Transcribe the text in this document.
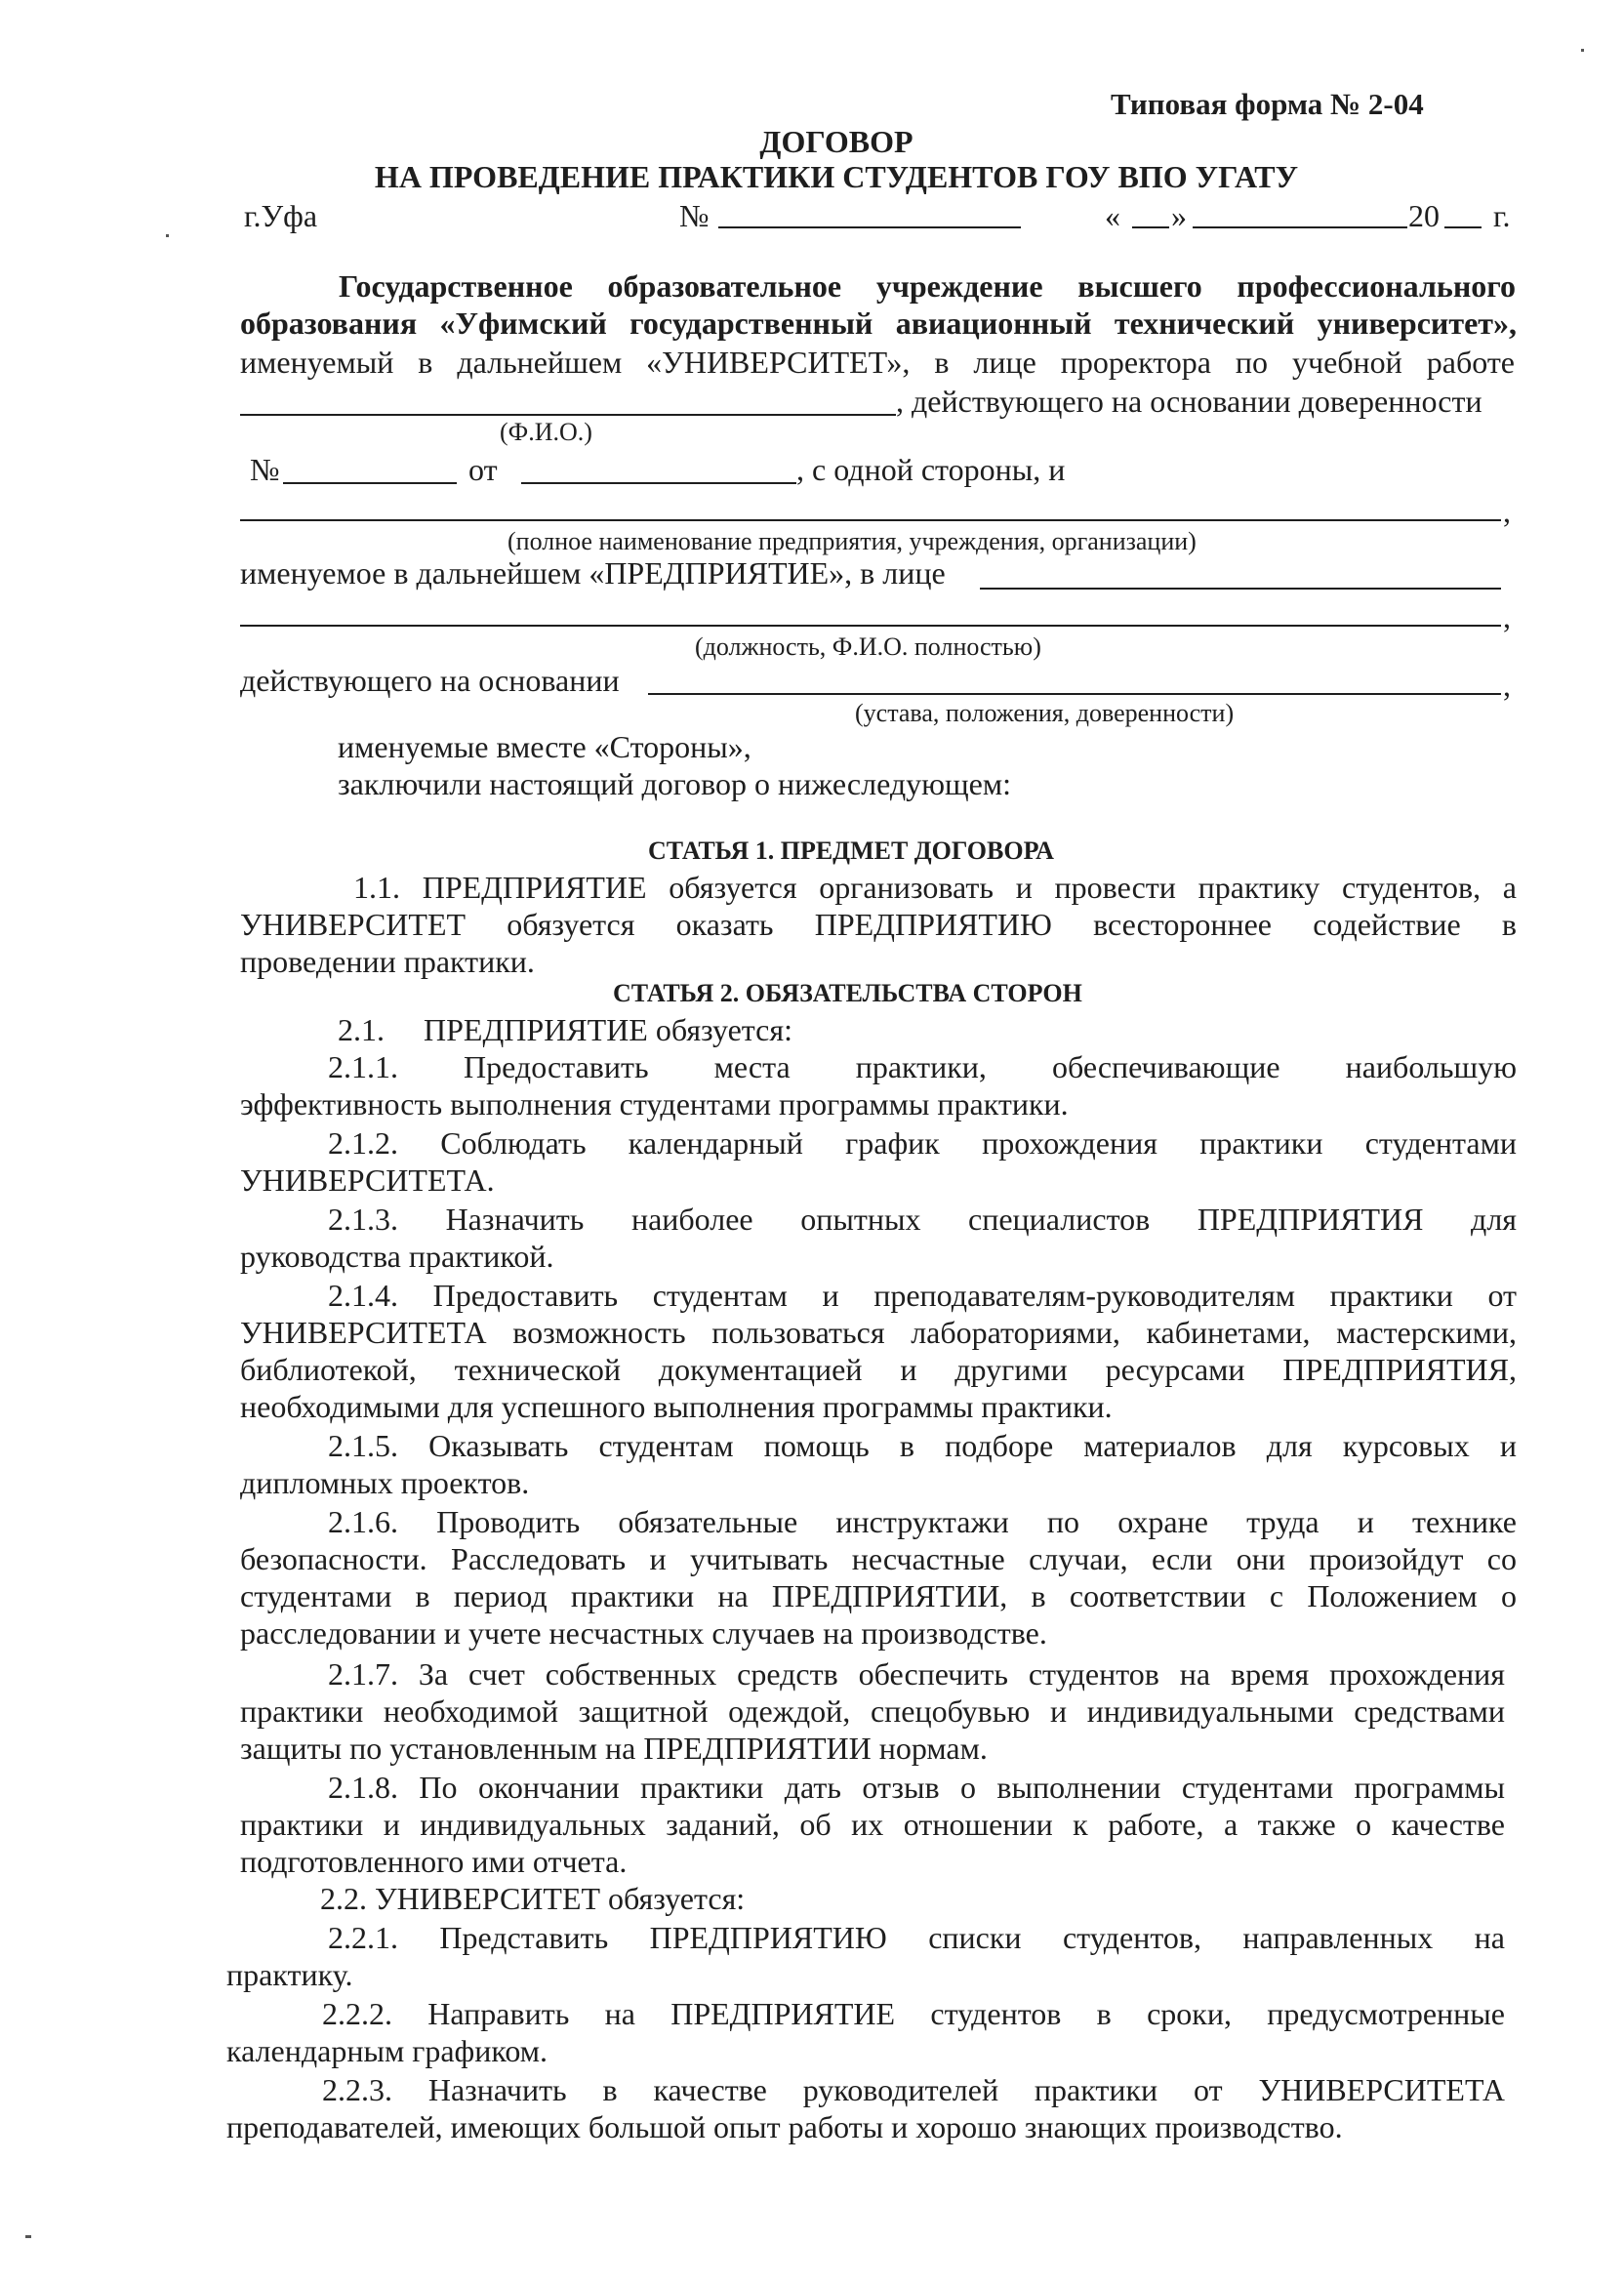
Типовая форма № 2-04
ДОГОВОР
НА ПРОВЕДЕНИЕ ПРАКТИКИ СТУДЕНТОВ ГОУ ВПО УГАТУ
г.Уфа	№	« »	20 г.
Государственное образовательное учреждение высшего профессионального
образования «Уфимский государственный авиационный технический университет»,
именуемый в дальнейшем «УНИВЕРСИТЕТ», в лице проректора по учебной работе
, действующего на основании доверенности
(Ф.И.О.)
№	от	, с одной стороны, и
,
(полное наименование предприятия, учреждения, организации)
именуемое в дальнейшем «ПРЕДПРИЯТИЕ», в лице
,
(должность, Ф.И.О. полностью)
действующего на основании	,
(устава, положения, доверенности)
именуемые вместе «Стороны»,
заключили настоящий договор о нижеследующем:
СТАТЬЯ 1. ПРЕДМЕТ ДОГОВОРА
1.1. ПРЕДПРИЯТИЕ обязуется организовать и провести практику студентов, а
УНИВЕРСИТЕТ обязуется оказать ПРЕДПРИЯТИЮ всестороннее содействие в
проведении практики.
СТАТЬЯ 2. ОБЯЗАТЕЛЬСТВА СТОРОН
2.1.     ПРЕДПРИЯТИЕ обязуется:
2.1.1. Предоставить места практики, обеспечивающие наибольшую
эффективность выполнения студентами программы практики.
2.1.2. Соблюдать календарный график прохождения практики студентами
УНИВЕРСИТЕТА.
2.1.3. Назначить наиболее опытных специалистов ПРЕДПРИЯТИЯ для
руководства практикой.
2.1.4. Предоставить студентам и преподавателям-руководителям практики от
УНИВЕРСИТЕТА возможность пользоваться лабораториями, кабинетами, мастерскими,
библиотекой, технической документацией и другими ресурсами ПРЕДПРИЯТИЯ,
необходимыми для успешного выполнения программы практики.
2.1.5. Оказывать студентам помощь в подборе материалов для курсовых и
дипломных проектов.
2.1.6. Проводить обязательные инструктажи по охране труда и технике
безопасности. Расследовать и учитывать несчастные случаи, если они произойдут со
студентами в период практики на ПРЕДПРИЯТИИ, в соответствии с Положением о
расследовании и учете несчастных случаев на производстве.
2.1.7. За счет собственных средств обеспечить студентов на время прохождения
практики необходимой защитной одеждой, спецобувью и индивидуальными средствами
защиты по установленным на ПРЕДПРИЯТИИ нормам.
2.1.8. По окончании практики дать отзыв о выполнении студентами программы
практики и индивидуальных заданий, об их отношении к работе, а также о качестве
подготовленного ими отчета.
2.2. УНИВЕРСИТЕТ обязуется:
2.2.1. Представить ПРЕДПРИЯТИЮ списки студентов, направленных на
практику.
2.2.2. Направить на ПРЕДПРИЯТИЕ студентов в сроки, предусмотренные
календарным графиком.
2.2.3. Назначить в качестве руководителей практики от УНИВЕРСИТЕТА
преподавателей, имеющих большой опыт работы и хорошо знающих производство.
